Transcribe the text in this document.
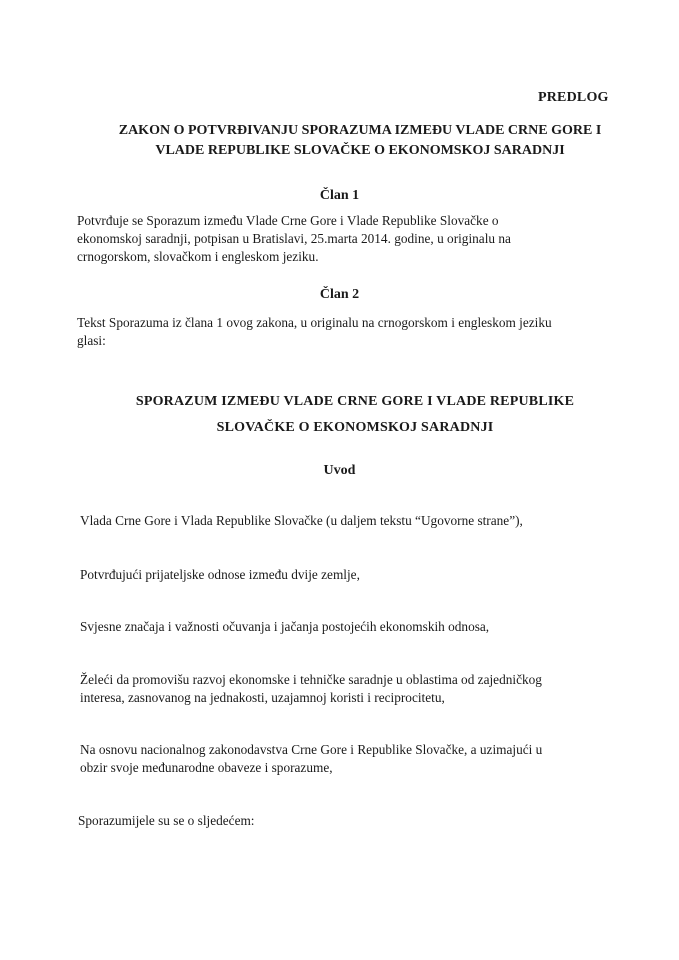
PREDLOG
ZAKON O POTVRĐIVANJU SPORAZUMA IZMEĐU VLADE CRNE GORE I
VLADE REPUBLIKE SLOVAČKE O EKONOMSKOJ SARADNJI
Član 1
Potvrđuje se Sporazum između Vlade Crne Gore i Vlade Republike Slovačke o
ekonomskoj saradnji, potpisan u Bratislavi, 25.marta 2014. godine, u originalu na
crnogorskom, slovačkom i engleskom jeziku.
Član 2
Tekst Sporazuma iz člana 1 ovog zakona, u originalu na crnogorskom i engleskom jeziku
glasi:
SPORAZUM IZMEĐU VLADE CRNE GORE I VLADE REPUBLIKE
SLOVAČKE O EKONOMSKOJ SARADNJI
Uvod
Vlada Crne Gore i Vlada Republike Slovačke (u daljem tekstu “Ugovorne strane”),
Potvrđujući prijateljske odnose između dvije zemlje,
Svjesne značaja i važnosti očuvanja i jačanja postojećih ekonomskih odnosa,
Želeći da promovišu razvoj ekonomske i tehničke saradnje u oblastima od zajedničkog
interesa, zasnovanog na jednakosti, uzajamnoj koristi i reciprocitetu,
Na osnovu nacionalnog zakonodavstva Crne Gore i Republike Slovačke, a uzimajući u
obzir svoje međunarodne obaveze i sporazume,
Sporazumijele su se o sljedećem:
